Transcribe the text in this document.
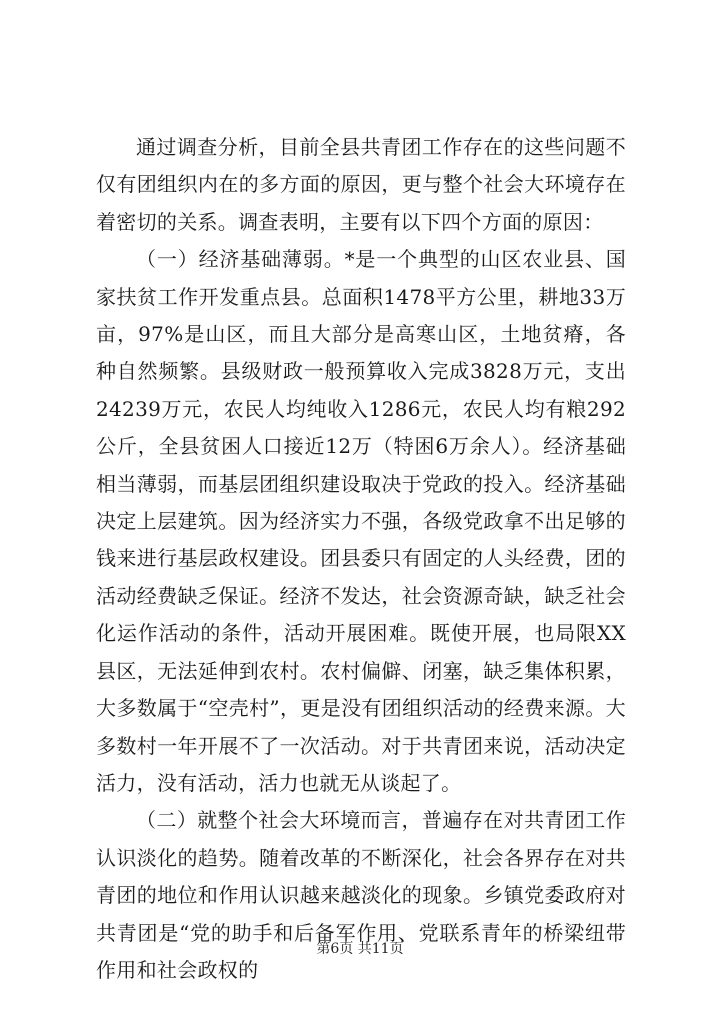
通过调查分析，目前全县共青团工作存在的这些问题不仅有团组织内在的多方面的原因，更与整个社会大环境存在着密切的关系。调查表明，主要有以下四个方面的原因：

（一）经济基础薄弱。*是一个典型的山区农业县、国家扶贫工作开发重点县。总面积1478平方公里，耕地33万亩，97%是山区，而且大部分是高寒山区，土地贫瘠，各种自然频繁。县级财政一般预算收入完成3828万元，支出24239万元，农民人均纯收入1286元，农民人均有粮292公斤，全县贫困人口接近12万（特困6万余人）。经济基础相当薄弱，而基层团组织建设取决于党政的投入。经济基础决定上层建筑。因为经济实力不强，各级党政拿不出足够的钱来进行基层政权建设。团县委只有固定的人头经费，团的活动经费缺乏保证。经济不发达，社会资源奇缺，缺乏社会化运作活动的条件，活动开展困难。既使开展，也局限XX县区，无法延伸到农村。农村偏僻、闭塞，缺乏集体积累，大多数属于“空壳村”，更是没有团组织活动的经费来源。大多数村一年开展不了一次活动。对于共青团来说，活动决定活力，没有活动，活力也就无从谈起了。

（二）就整个社会大环境而言，普遍存在对共青团工作认识淡化的趋势。随着改革的不断深化，社会各界存在对共青团的地位和作用认识越来越淡化的现象。乡镇党委政府对共青团是“党的助手和后备军作用、党联系青年的桥梁纽带作用和社会政权的

第6页 共11页
